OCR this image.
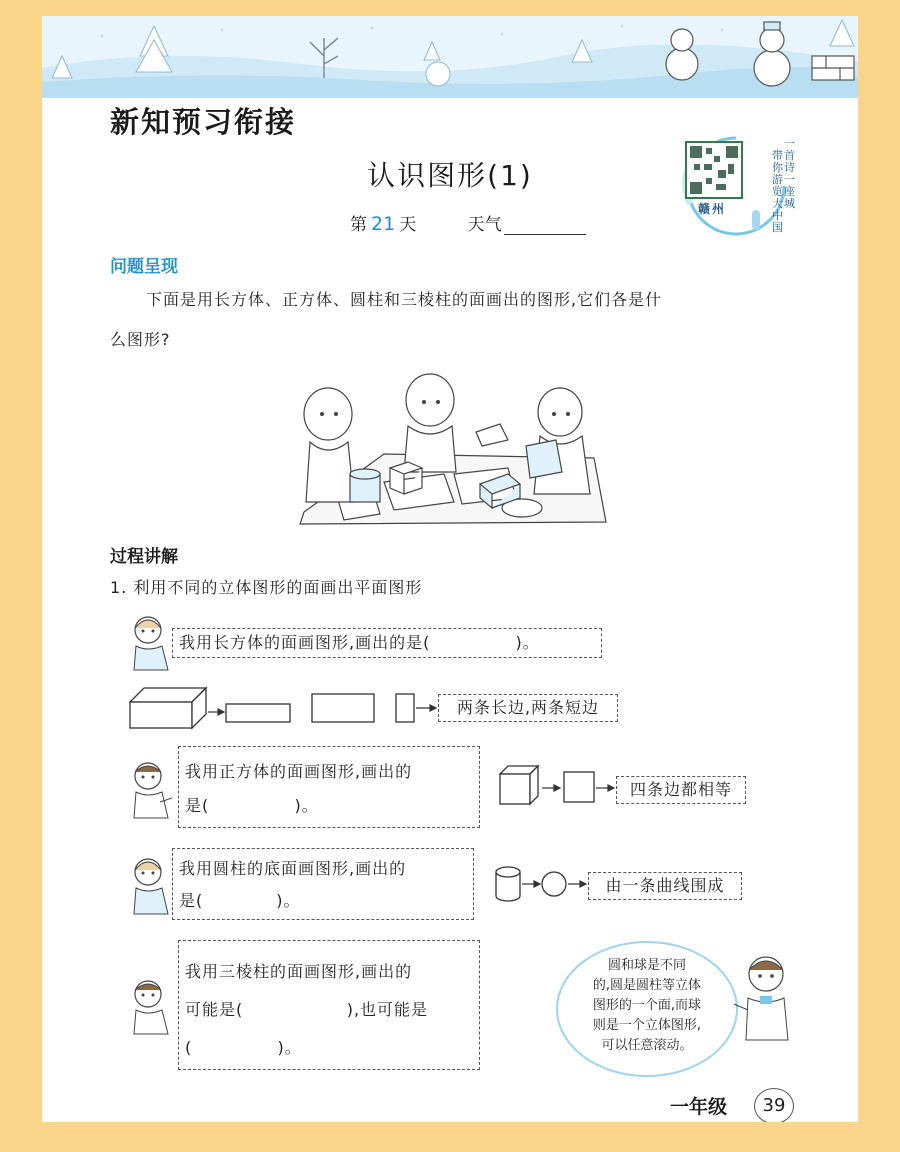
新知预习衔接
认识图形(1)
赣州
一首诗一座城
带你游览大中国
第 21 天	天气
问题呈现
下面是用长方体、正方体、圆柱和三棱柱的面画出的图形,它们各是什
么图形?
过程讲解
1. 利用不同的立体图形的面画出平面图形
我用长方体的面画图形,画出的是(              )。
两条长边,两条短边
我用正方体的面画图形,画出的
是(              )。
四条边都相等
我用圆柱的底面画图形,画出的
是(            )。
由一条曲线围成
我用三棱柱的面画图形,画出的
可能是(                 ),也可能是
(              )。
圆和球是不同
的,圆是圆柱等立体
图形的一个面,而球
则是一个立体图形,
可以任意滚动。
一年级	39
